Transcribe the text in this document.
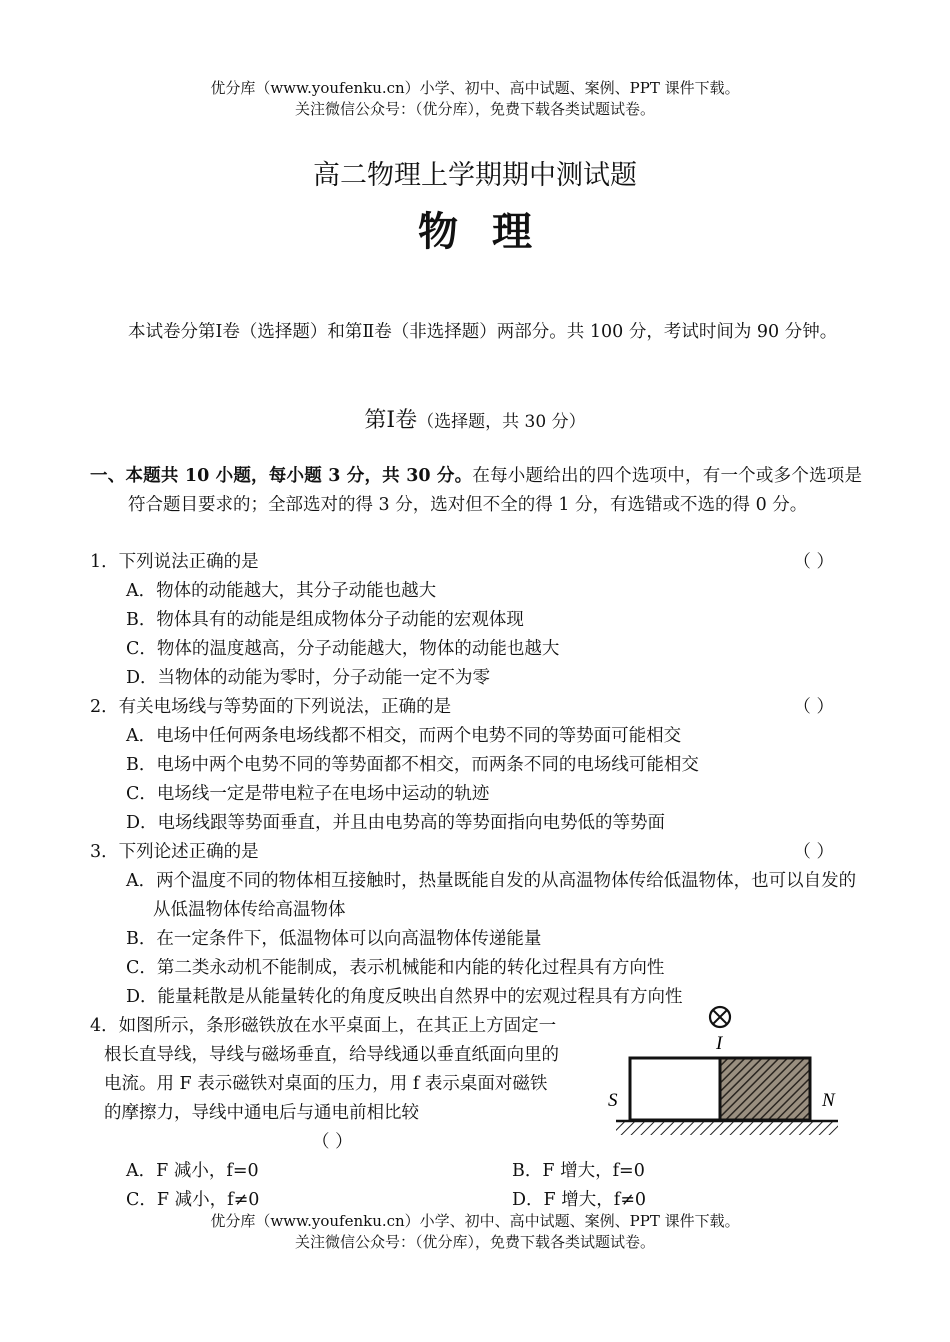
优分库（www.youfenku.cn）小学、初中、高中试题、案例、PPT 课件下载。
关注微信公众号：（优分库），免费下载各类试题试卷。
高二物理上学期期中测试题
物理

本试卷分第Ⅰ卷（选择题）和第Ⅱ卷（非选择题）两部分。共 100 分，考试时间为 90 分钟。

第Ⅰ卷（选择题，共 30 分）

一、本题共 10 小题，每小题 3 分，共 30 分。在每小题给出的四个选项中，有一个或多个选项是符合题目要求的；全部选对的得 3 分，选对但不全的得 1 分，有选错或不选的得 0 分。

1．下列说法正确的是	（ ）

A．物体的动能越大，其分子动能也越大

B．物体具有的动能是组成物体分子动能的宏观体现

C．物体的温度越高，分子动能越大，物体的动能也越大

D．当物体的动能为零时，分子动能一定不为零

2．有关电场线与等势面的下列说法，正确的是	（ ）

A．电场中任何两条电场线都不相交，而两个电势不同的等势面可能相交

B．电场中两个电势不同的等势面都不相交，而两条不同的电场线可能相交

C．电场线一定是带电粒子在电场中运动的轨迹

D．电场线跟等势面垂直，并且由电势高的等势面指向电势低的等势面

3．下列论述正确的是	（ ）

A．两个温度不同的物体相互接触时，热量既能自发的从高温物体传给低温物体，也可以自发的从低温物体传给高温物体

B．在一定条件下，低温物体可以向高温物体传递能量

C．第二类永动机不能制成，表示机械能和内能的转化过程具有方向性

D．能量耗散是从能量转化的角度反映出自然界中的宏观过程具有方向性

4．如图所示，条形磁铁放在水平桌面上，在其正上方固定一根长直导线，导线与磁场垂直，给导线通以垂直纸面向里的电流。用 F 表示磁铁对桌面的压力，用 f 表示桌面对磁铁的摩擦力，导线中通电后与通电前相比较（ ）

A．F 减小，f=0	B．F 增大，f=0

C．F 减小，f≠0	D．F 增大，f≠0

I
S	N
优分库（www.youfenku.cn）小学、初中、高中试题、案例、PPT 课件下载。
关注微信公众号：（优分库），免费下载各类试题试卷。
